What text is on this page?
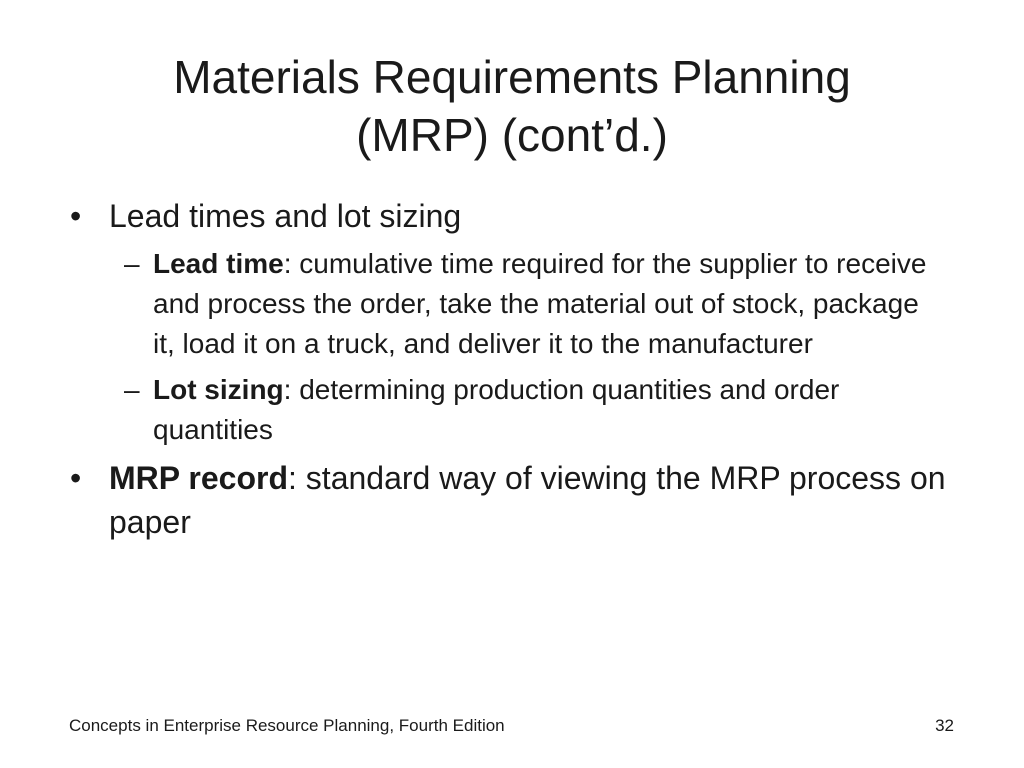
Materials Requirements Planning
(MRP) (cont’d.)
• Lead times and lot sizing
– Lead time: cumulative time required for the supplier to receive and process the order, take the material out of stock, package it, load it on a truck, and deliver it to the manufacturer
– Lot sizing: determining production quantities and order quantities
• MRP record: standard way of viewing the MRP process on paper
Concepts in Enterprise Resource Planning, Fourth Edition	32
